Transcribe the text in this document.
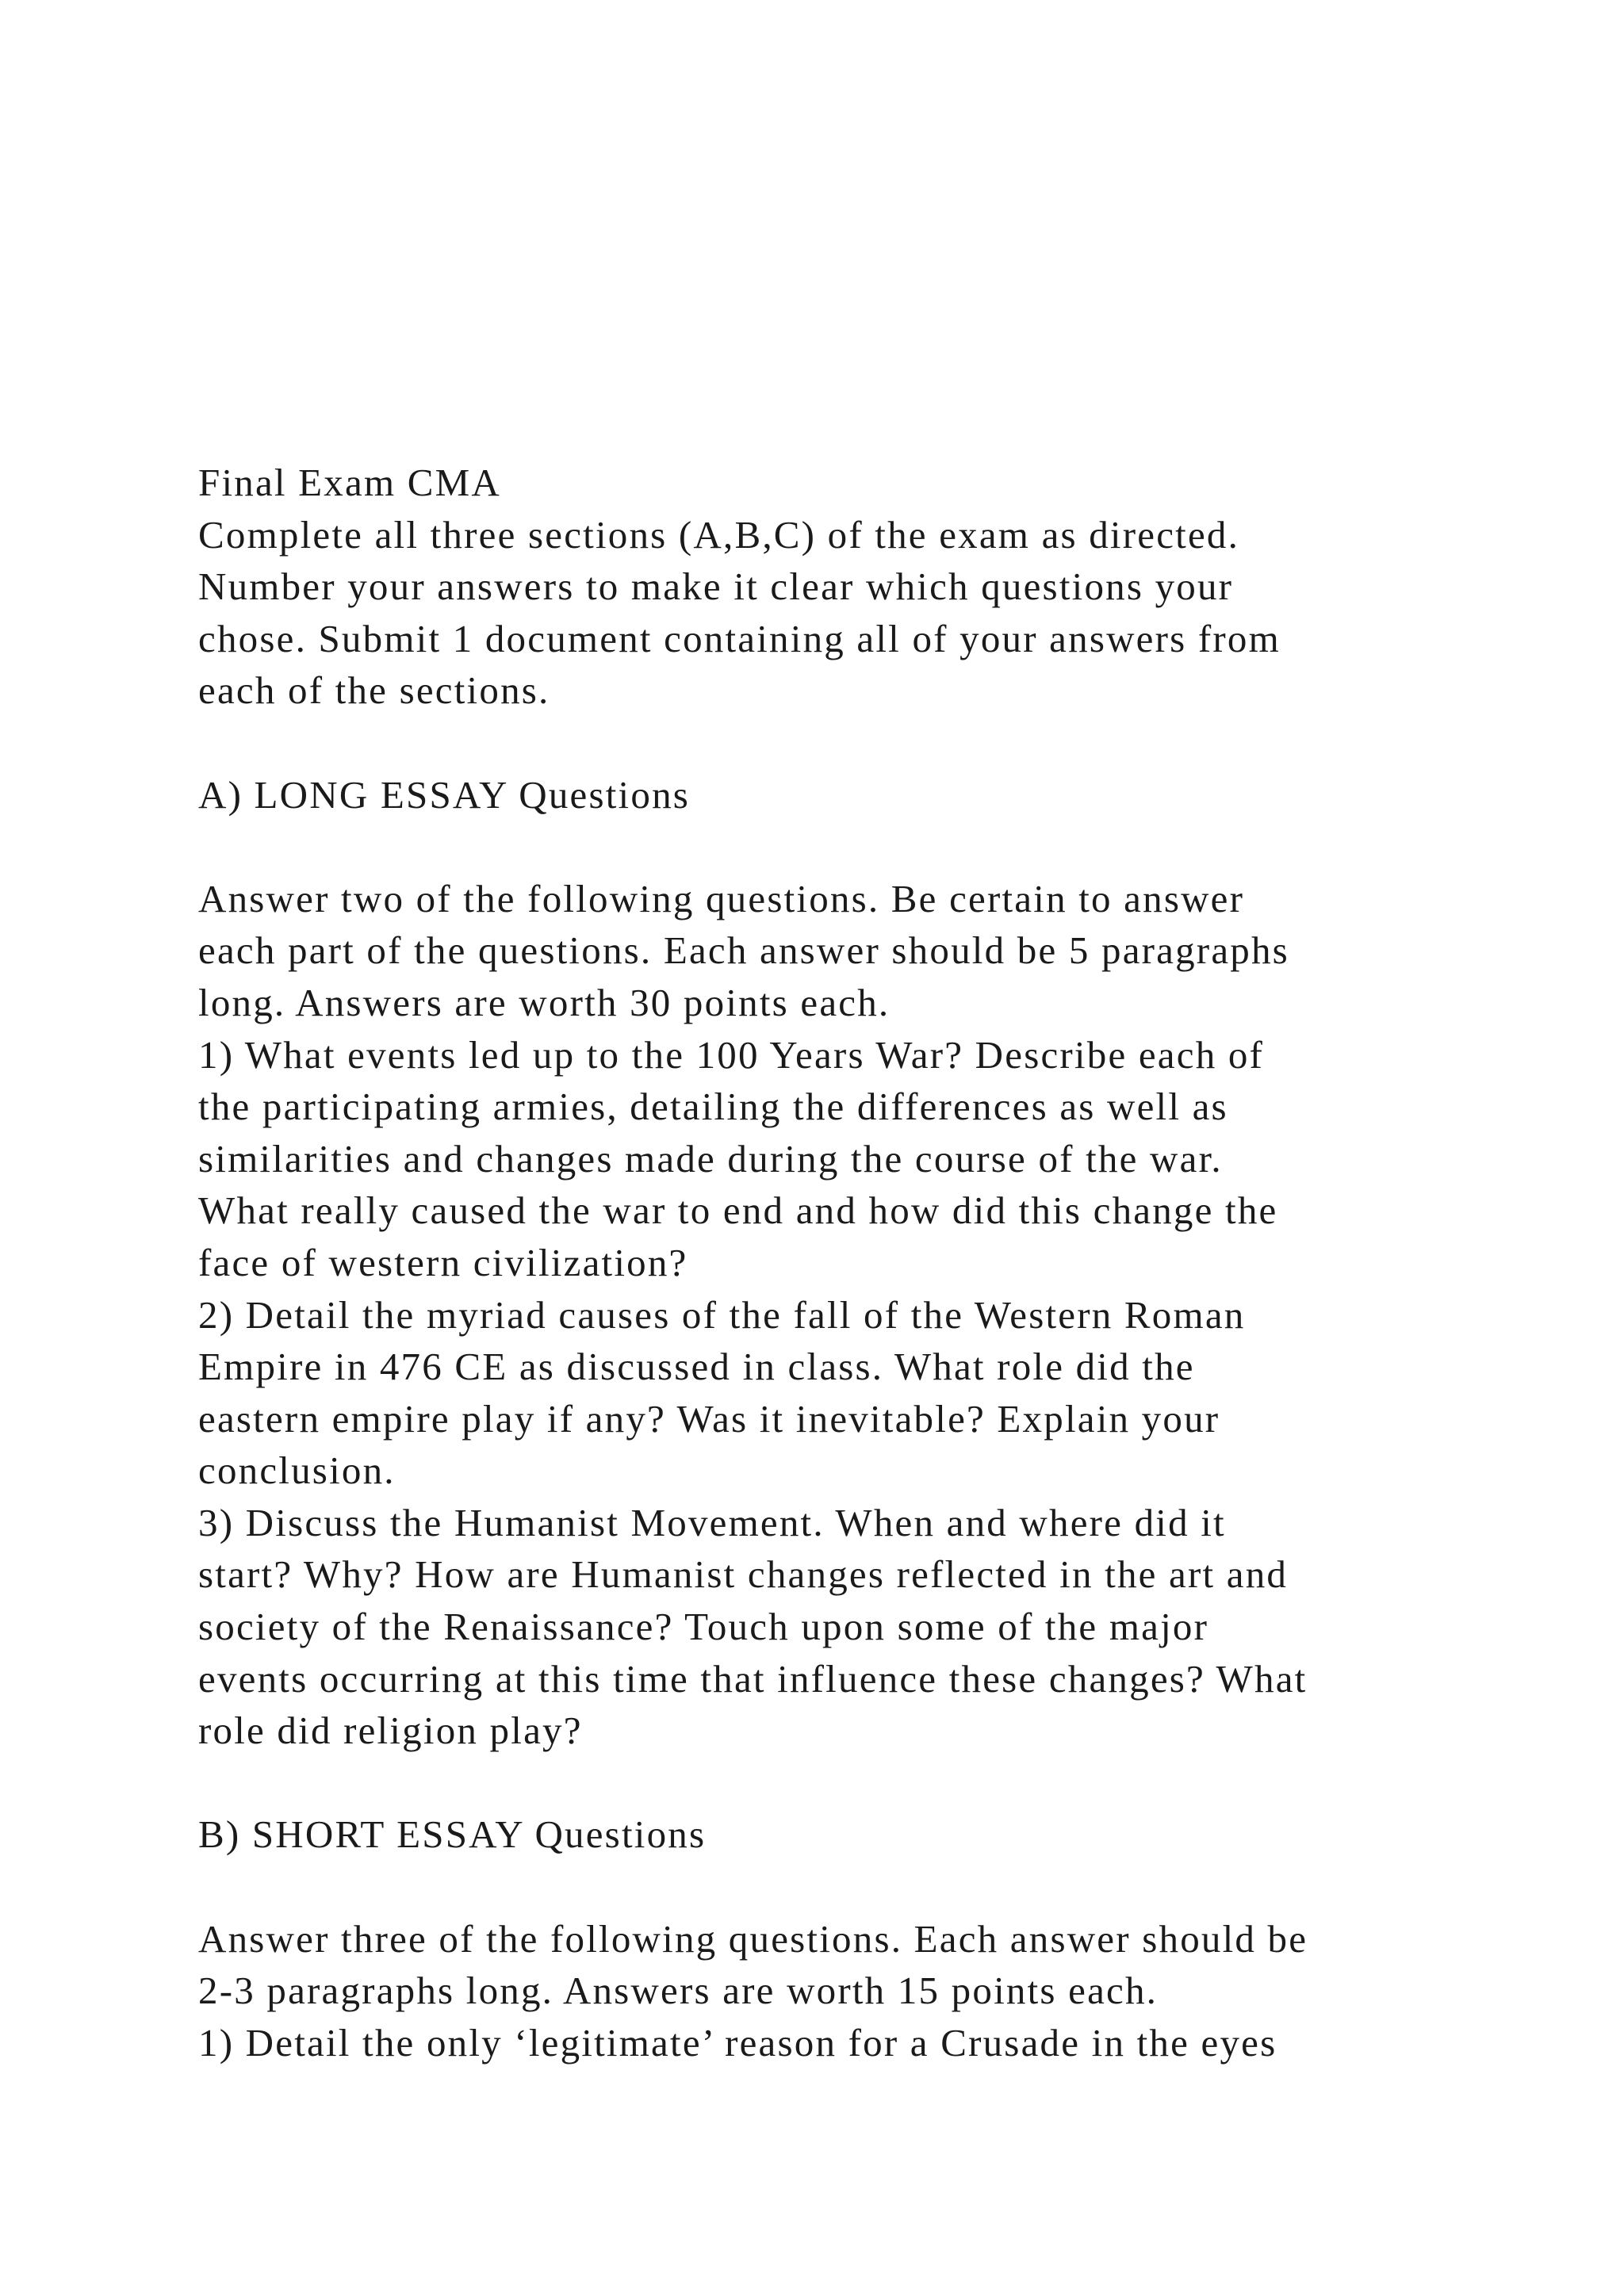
Final Exam CMA
Complete all three sections (A,B,C) of the exam as directed.
Number your answers to make it clear which questions your
chose. Submit 1 document containing all of your answers from
each of the sections.
A) LONG ESSAY Questions
Answer two of the following questions. Be certain to answer
each part of the questions. Each answer should be 5 paragraphs
long. Answers are worth 30 points each.
1) What events led up to the 100 Years War? Describe each of
the participating armies, detailing the differences as well as
similarities and changes made during the course of the war.
What really caused the war to end and how did this change the
face of western civilization?
2) Detail the myriad causes of the fall of the Western Roman
Empire in 476 CE as discussed in class. What role did the
eastern empire play if any? Was it inevitable? Explain your
conclusion.
3) Discuss the Humanist Movement. When and where did it
start? Why? How are Humanist changes reflected in the art and
society of the Renaissance? Touch upon some of the major
events occurring at this time that influence these changes? What
role did religion play?
B) SHORT ESSAY Questions
Answer three of the following questions. Each answer should be
2-3 paragraphs long. Answers are worth 15 points each.
1) Detail the only ‘legitimate’ reason for a Crusade in the eyes
